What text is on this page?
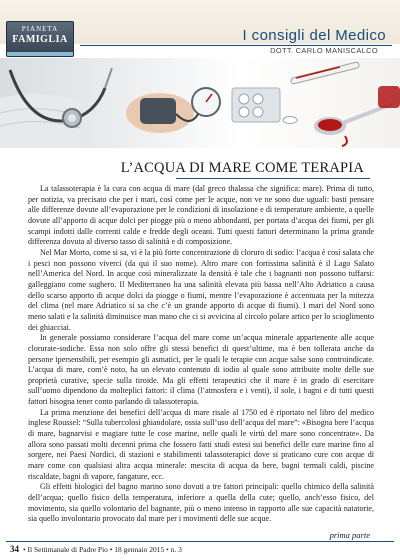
PIANETA
FAMIGLIA	I consigli del Medico
DOTT. CARLO MANISCALCO
L’ACQUA DI MARE COME TERAPIA

La talassoterapia è la cura con acqua di mare (dal greco thalassa che significa: mare). Prima di tutto, per notizia, va precisato che per i mari, così come per le acque, non ve ne sono due uguali: basti pensare alle differenze dovute all’evaporazione per le condizioni di insolazione e di temperature ambiente, a quelle dovute all’apporto di acque dolci per piogge più o meno abbondanti, per portata d’acqua dei fiumi, per gli scampi indotti dalle correnti calde e fredde degli oceani. Tutti questi fattori determinano la prima grande differenza dovuta al diverso tasso di salinità e di composizione.

Nel Mar Morto, come si sa, vi è la più forte concentrazione di cloruro di sodio: l’acqua è così salata che i pesci non possono viverci (da qui il suo nome). Altro mare con fortissima salinità è il Lago Salato nell’America del Nord. In acque così mineralizzate la densità è tale che i bagnanti non possono tuffarsi: galleggiano come sughero. Il Mediterraneo ha una salinità elevata più bassa nell’Alto Adriatico a causa dello scarso apporto di acque dolci da piogge o fiumi, mentre l’evaporazione è accentuata per la mitezza del clima (nel mare Adriatico si sa che c’è un grande apporto di acque di fiumi). I mari del Nord sono meno salati e la salinità diminuisce man mano che ci si avvicina al circolo polare artico per lo scioglimento dei ghiacciai.

In generale possiamo considerare l’acqua del mare come un’acqua minerale appartenente alle acque clorurate-sodiche. Essa non solo offre gli stessi benefici di quest’ultime, ma è ben tollerata anche da persone ipersensibili, per esempio gli asmatici, per le quali le terapie con acque salse sono controindicate. L’acqua di mare, com’è noto, ha un elevato contenuto di iodio al quale sono attribuite molte delle sue proprietà curative, specie sulla tiroide. Ma gli effetti terapeutici che il mare è in grado di esercitare sull’uomo dipendono da molteplici fattori: il clima (l’atmosfera e i venti), il sole, i bagni e di tutti questi fattori bisogna tener conto parlando di talassoterapia.

La prima menzione dei benefici dell’acqua di mare risale al 1750 ed è riportato nel libro del medico inglese Roussel: “Sulla tubercolosi ghiandolare, ossia sull’uso dell’acqua del mare”: «Bisogna bere l’acqua di mare, bagnarvisi e magiare tutte le cose marine, nelle quali le virtù del mare sono concentrate». Da allora sono passati molti decenni prima che fossero fatti studi estesi sui benefici delle cure marine fino al sorgere, nei Paesi Nordici, di stazioni e stabilimenti talassoterapici dove si praticano cure con acque di mare come con qualsiasi altra acqua minerale: mescita di acqua da bere, bagni termali caldi, piscine riscaldate, bagni di vapore, fangature, ecc.

Gli effetti biologici del bagno marino sono dovuti a tre fattori principali: quello chimico della salinità dell’acqua; quello fisico della temperatura, inferiore a quella della cute; quello, anch’esso fisico, del movimento, sia quello volontario del bagnante, più o meno intenso in rapporto alle sue capacità natatorie, sia quello involontario provocato dal mare per i movimenti delle sue acque.

prima parte
34 • Il Settimanale di Padre Pio • 18 gennaio 2015 • n. 3
